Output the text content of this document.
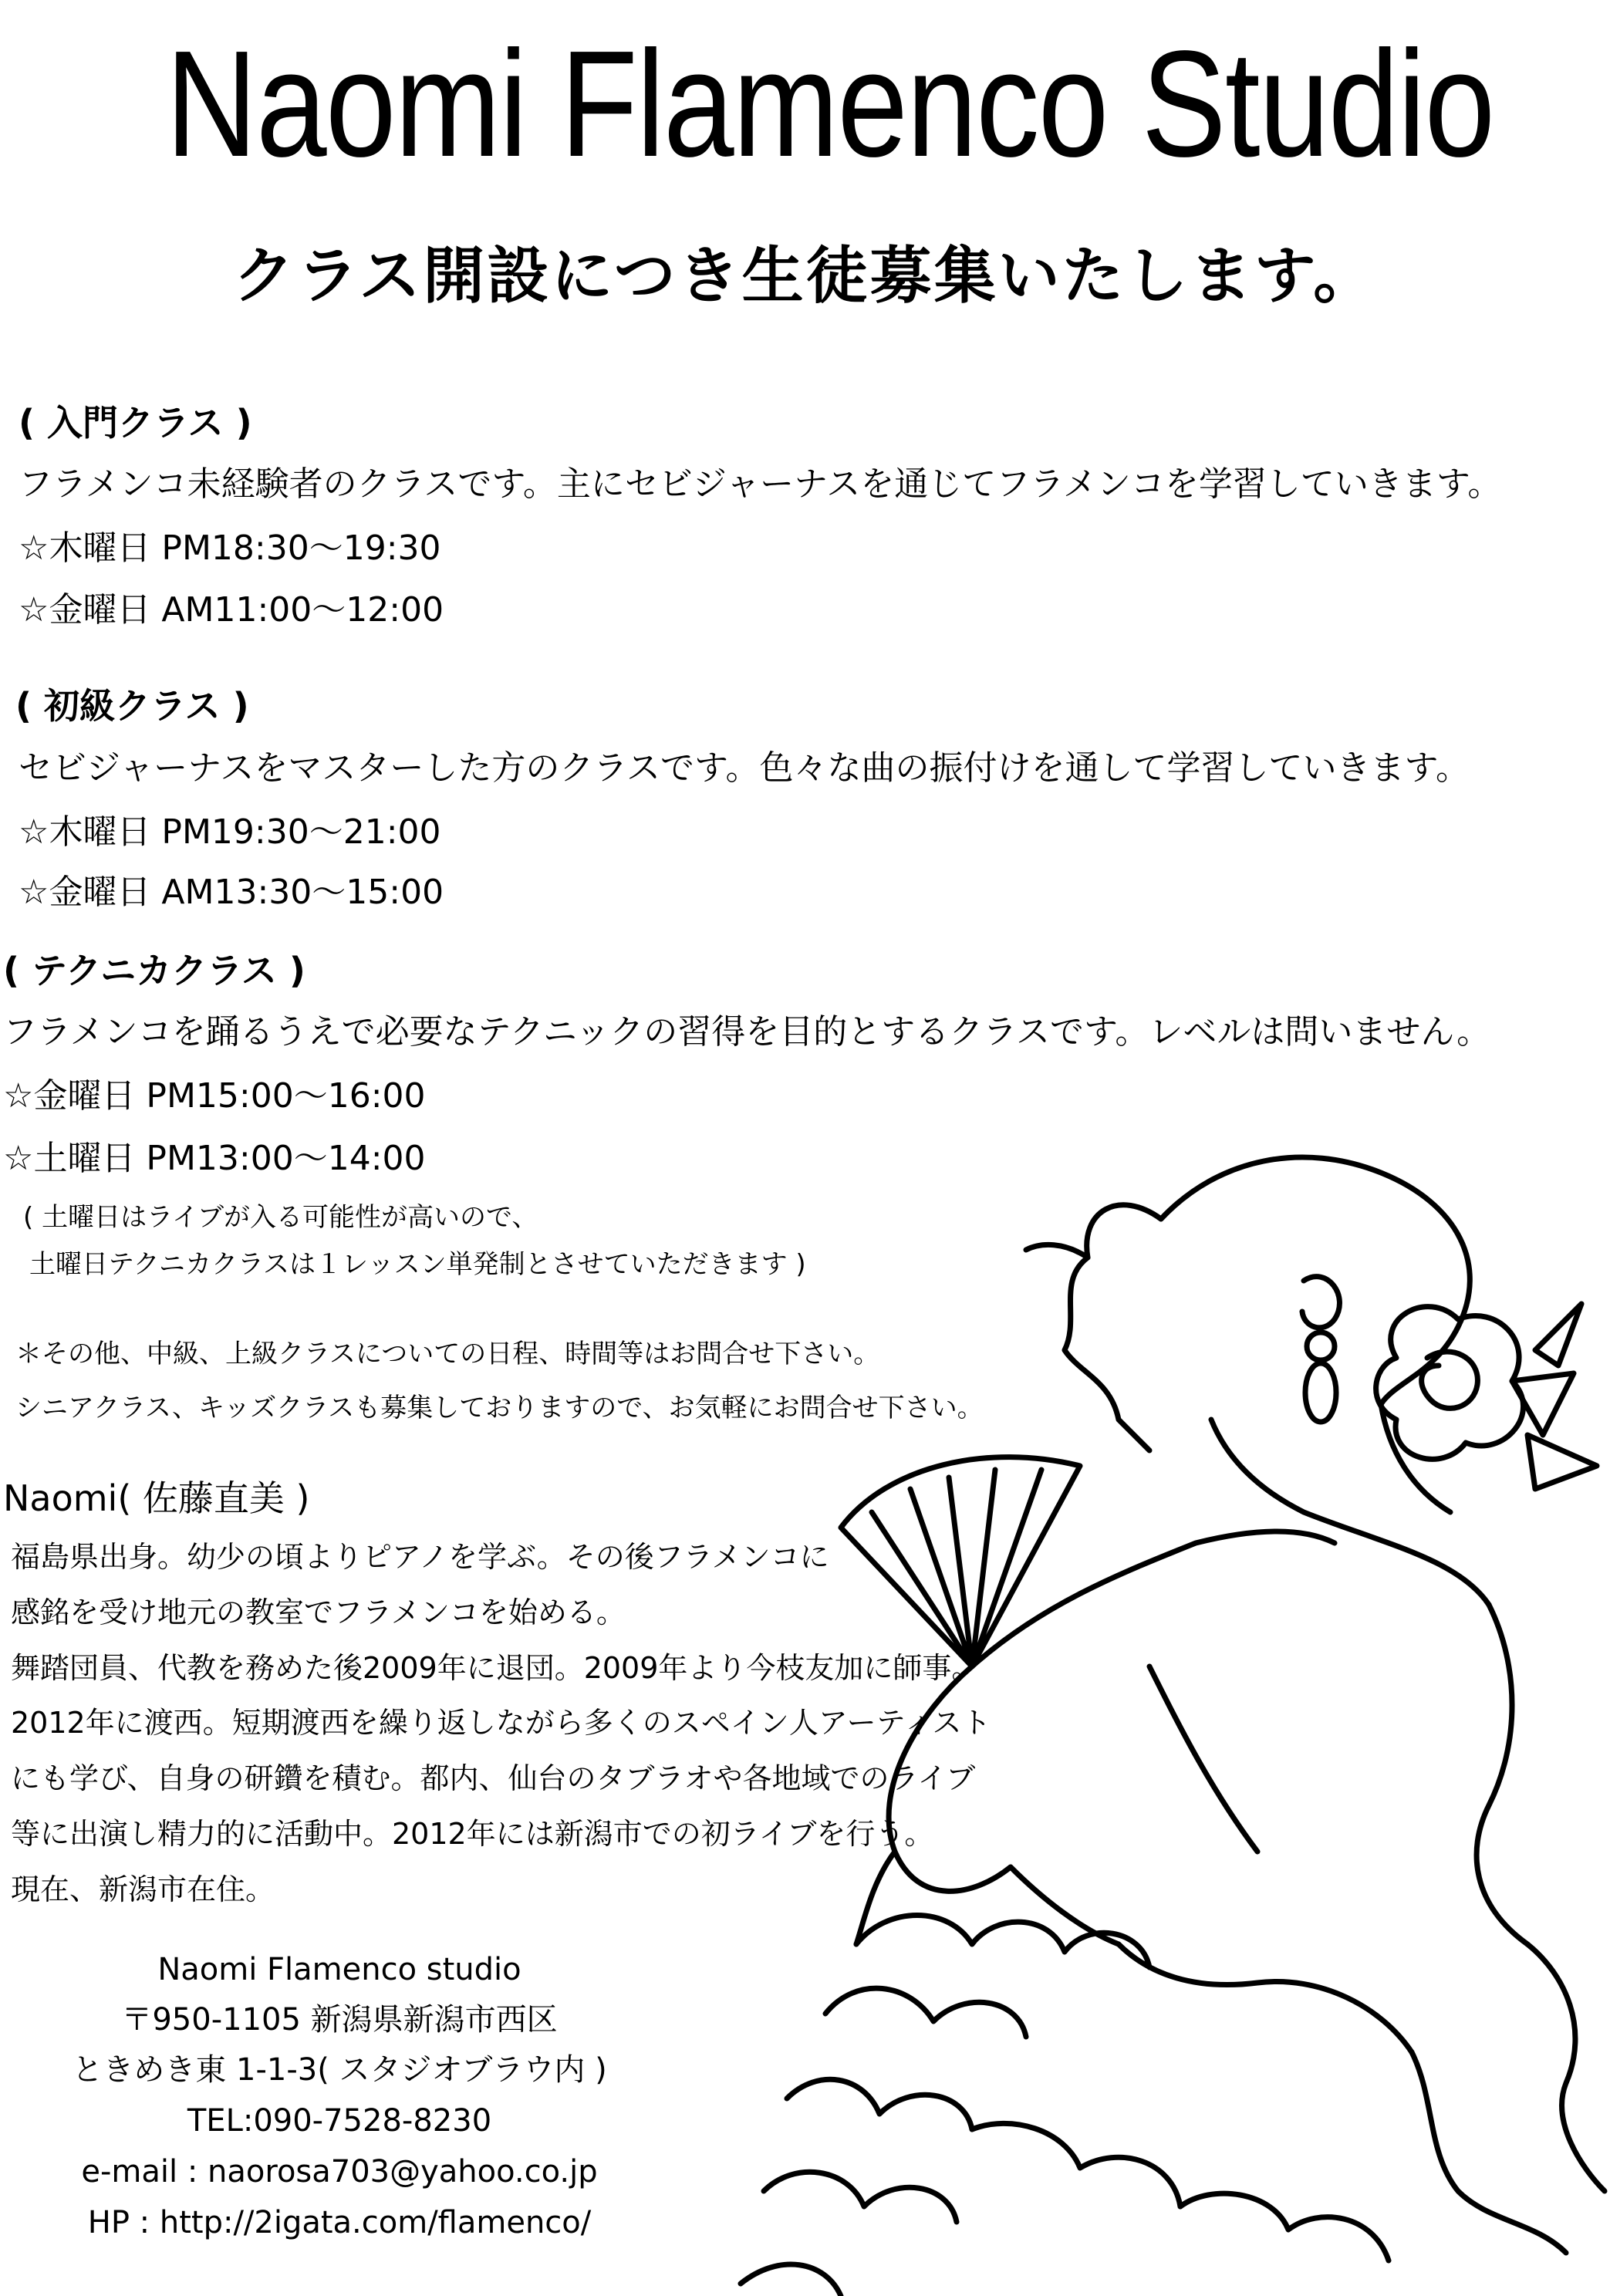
Naomi Flamenco Studio
クラス開設につき生徒募集いたします。
( 入門クラス )
フラメンコ未経験者のクラスです。主にセビジャーナスを通じてフラメンコを学習していきます。
☆木曜日 PM18:30～19:30
☆金曜日 AM11:00～12:00
( 初級クラス )
セビジャーナスをマスターした方のクラスです。色々な曲の振付けを通して学習していきます。
☆木曜日 PM19:30～21:00
☆金曜日 AM13:30～15:00
( テクニカクラス )
フラメンコを踊るうえで必要なテクニックの習得を目的とするクラスです。レベルは問いません。
☆金曜日 PM15:00～16:00
☆土曜日 PM13:00～14:00
( 土曜日はライブが入る可能性が高いので、
土曜日テクニカクラスは１レッスン単発制とさせていただきます )
＊その他、中級、上級クラスについての日程、時間等はお問合せ下さい。
シニアクラス、キッズクラスも募集しておりますので、お気軽にお問合せ下さい。
Naomi( 佐藤直美 )
福島県出身。幼少の頃よりピアノを学ぶ。その後フラメンコに
感銘を受け地元の教室でフラメンコを始める。
舞踏団員、代教を務めた後2009年に退団。2009年より今枝友加に師事。
2012年に渡西。短期渡西を繰り返しながら多くのスペイン人アーティスト
にも学び、自身の研鑽を積む。都内、仙台のタブラオや各地域でのライブ
等に出演し精力的に活動中。2012年には新潟市での初ライブを行う。
現在、新潟市在住。
Naomi Flamenco studio
〒950-1105 新潟県新潟市西区
ときめき東 1-1-3( スタジオブラウ内 )
TEL:090-7528-8230
e-mail : naorosa703@yahoo.co.jp
HP : http://2igata.com/flamenco/
